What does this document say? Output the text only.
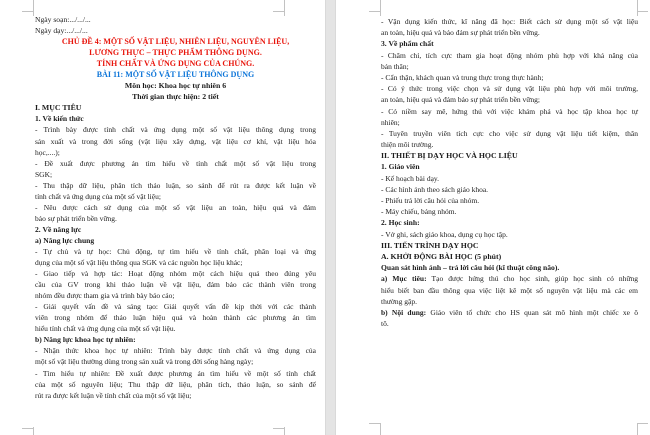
Ngày soạn:.../.../...
Ngày dạy:.../.../...
CHỦ ĐỀ 4: MỘT SỐ VẬT LIỆU, NHIÊN LIỆU, NGUYÊN LIỆU,
LƯƠNG THỰC – THỰC PHẨM THÔNG DỤNG.
TÍNH CHẤT VÀ ỨNG DỤNG CỦA CHÚNG.
BÀI 11: MỘT SỐ VẬT LIỆU THÔNG DỤNG
Môn học: Khoa học tự nhiên 6
Thời gian thực hiện: 2 tiết
I. MỤC TIÊU
1. Về kiến thức
- Trình bày được tính chất và ứng dụng một số vật liệu thông dụng trong
sản xuất và trong đời sống (vật liệu xây dựng, vật liệu cơ khí, vật liệu hóa
học,....);
- Đề xuất được phương án tìm hiểu về tính chất một số vật liệu trong
SGK;
- Thu thập dữ liệu, phân tích thảo luận, so sánh để rút ra được kết luận về
tính chất và ứng dụng của một số vật liệu;
- Nêu được cách sử dụng của một số vật liệu an toàn, hiệu quả và đảm
bảo sự phát triển bền vững.
2. Về năng lực
a) Năng lực chung
- Tự chủ và tự học: Chủ động, tự tìm hiểu về tính chất, phân loại và ứng
dụng của một số vật liệu thông qua SGK và các nguồn học liệu khác;
- Giao tiếp và hợp tác: Hoạt động nhóm một cách hiệu quả theo đúng yêu
cầu của GV trong khi thảo luận về vật liệu, đảm bảo các thành viên trong
nhóm đều được tham gia và trình bày báo cáo;
- Giải quyết vấn đề và sáng tạo: Giải quyết vấn đề kịp thời với các thành
viên trong nhóm để thảo luận hiệu quả và hoàn thành các phương án tìm
hiểu tính chất và ứng dụng của một số vật liệu.
b) Năng lực khoa học tự nhiên:
- Nhận thức khoa học tự nhiên: Trình bày được tính chất và ứng dụng của
một số vật liệu thường dùng trong sản xuất và trong đời sống hàng ngày;
- Tìm hiểu tự nhiên: Đề xuất được phương án tìm hiểu về một số tính chất
của một số nguyên liệu; Thu thập dữ liệu, phân tích, thảo luận, so sánh để
rút ra được kết luận về tính chất của một số vật liệu;
- Vận dụng kiến thức, kĩ năng đã học: Biết cách sử dụng một số vật liệu
an toàn, hiệu quả và bảo đảm sự phát triển bền vững.
3. Về phẩm chất
- Chăm chỉ, tích cực tham gia hoạt động nhóm phù hợp với khả năng của
bản thân;
- Cẩn thận, khách quan và trung thực trong thực hành;
- Có ý thức trong việc chọn và sử dụng vật liệu phù hợp với môi trường,
an toàn, hiệu quả và đảm bảo sự phát triển bền vững;
- Có niềm say mê, hứng thú với việc khám phá và học tập khoa học tự
nhiên;
- Tuyên truyền viên tích cực cho việc sử dụng vật liệu tiết kiệm, thân
thiện môi trường.
II. THIẾT BỊ DẠY HỌC VÀ HỌC LIỆU
1. Giáo viên
- Kế hoạch bài dạy.
- Các hình ảnh theo sách giáo khoa.
- Phiếu trả lời câu hỏi của nhóm.
- Máy chiếu, bảng nhóm.
2. Học sinh:
- Vở ghi, sách giáo khoa, dụng cụ học tập.
III. TIẾN TRÌNH DẠY HỌC
A. KHỞI ĐỘNG BÀI HỌC (5 phút)
Quan sát hình ảnh – trả lời câu hỏi (kĩ thuật công não).
a) Mục tiêu: Tạo được hứng thú cho học sinh, giúp học sinh có những
hiểu biết ban đầu thông qua việc liệt kê một số nguyên vật liệu mà các em
thường gặp.
b) Nội dung: Giáo viên tổ chức cho HS quan sát mô hình một chiếc xe ô
tô.
